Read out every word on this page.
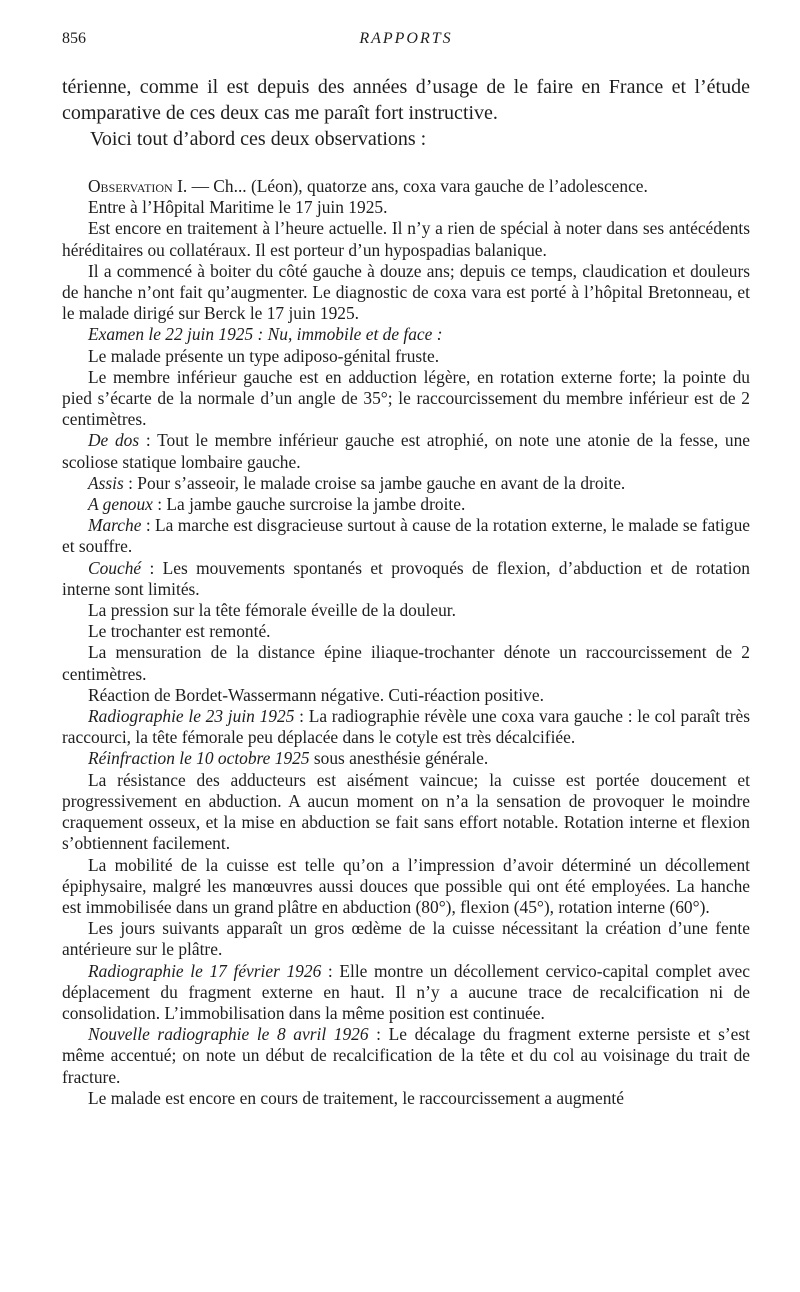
856	RAPPORTS

térienne, comme il est depuis des années d’usage de le faire en France et l’étude comparative de ces deux cas me paraît fort instructive.

Voici tout d’abord ces deux observations :

Observation I. — Ch... (Léon), quatorze ans, coxa vara gauche de l’adolescence.

Entre à l’Hôpital Maritime le 17 juin 1925.

Est encore en traitement à l’heure actuelle. Il n’y a rien de spécial à noter dans ses antécédents héréditaires ou collatéraux. Il est porteur d’un hypospadias balanique.

Il a commencé à boiter du côté gauche à douze ans; depuis ce temps, claudication et douleurs de hanche n’ont fait qu’augmenter. Le diagnostic de coxa vara est porté à l’hôpital Bretonneau, et le malade dirigé sur Berck le 17 juin 1925.

Examen le 22 juin 1925 : Nu, immobile et de face :

Le malade présente un type adiposo-génital fruste.

Le membre inférieur gauche est en adduction légère, en rotation externe forte; la pointe du pied s’écarte de la normale d’un angle de 35°; le raccourcissement du membre inférieur est de 2 centimètres.

De dos : Tout le membre inférieur gauche est atrophié, on note une atonie de la fesse, une scoliose statique lombaire gauche.

Assis : Pour s’asseoir, le malade croise sa jambe gauche en avant de la droite.

A genoux : La jambe gauche surcroise la jambe droite.

Marche : La marche est disgracieuse surtout à cause de la rotation externe, le malade se fatigue et souffre.

Couché : Les mouvements spontanés et provoqués de flexion, d’abduction et de rotation interne sont limités.

La pression sur la tête fémorale éveille de la douleur.

Le trochanter est remonté.

La mensuration de la distance épine iliaque-trochanter dénote un raccourcissement de 2 centimètres.

Réaction de Bordet-Wassermann négative. Cuti-réaction positive.

Radiographie le 23 juin 1925 : La radiographie révèle une coxa vara gauche : le col paraît très raccourci, la tête fémorale peu déplacée dans le cotyle est très décalcifiée.

Réinfraction le 10 octobre 1925 sous anesthésie générale.

La résistance des adducteurs est aisément vaincue; la cuisse est portée doucement et progressivement en abduction. A aucun moment on n’a la sensation de provoquer le moindre craquement osseux, et la mise en abduction se fait sans effort notable. Rotation interne et flexion s’obtiennent facilement.

La mobilité de la cuisse est telle qu’on a l’impression d’avoir déterminé un décollement épiphysaire, malgré les manœuvres aussi douces que possible qui ont été employées. La hanche est immobilisée dans un grand plâtre en abduction (80°), flexion (45°), rotation interne (60°).

Les jours suivants apparaît un gros œdème de la cuisse nécessitant la création d’une fente antérieure sur le plâtre.

Radiographie le 17 février 1926 : Elle montre un décollement cervico-capital complet avec déplacement du fragment externe en haut. Il n’y a aucune trace de recalcification ni de consolidation. L’immobilisation dans la même position est continuée.

Nouvelle radiographie le 8 avril 1926 : Le décalage du fragment externe persiste et s’est même accentué; on note un début de recalcification de la tête et du col au voisinage du trait de fracture.

Le malade est encore en cours de traitement, le raccourcissement a augmenté
